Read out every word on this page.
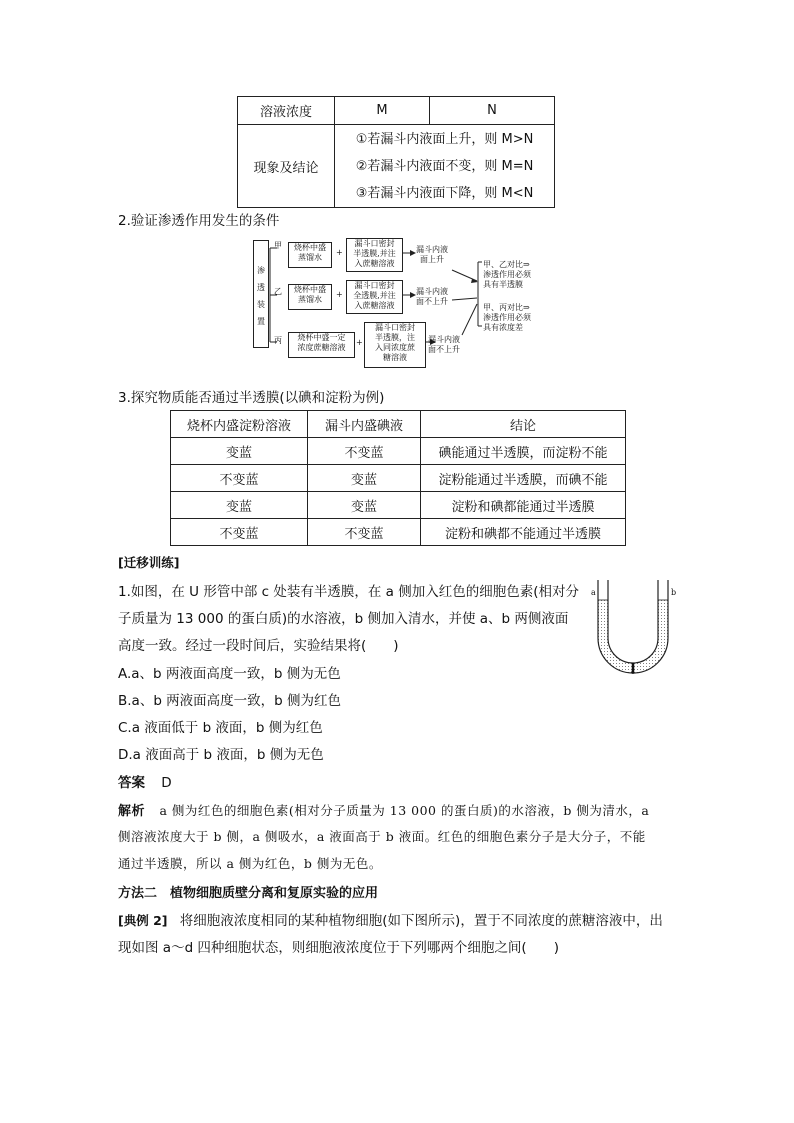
溶液浓度	M	N
现象及结论	①若漏斗内液面上升，则 M>N
②若漏斗内液面不变，则 M=N
③若漏斗内液面下降，则 M<N	
2.验证渗透作用发生的条件
渗
透
装
置
甲	烧杯中盛
蒸馏水
+
漏斗口密封
半透膜,并注
入蔗糖溶液
漏斗内液
面上升
乙	烧杯中盛
蒸馏水
+
漏斗口密封
全透膜,并注
入蔗糖溶液
漏斗内液
面不上升
丙	烧杯中盛一定
浓度蔗糖溶液
+
漏斗口密封
半透膜，注
入同浓度蔗
糖溶液
漏斗内液
面不上升
甲、乙对比⇒
渗透作用必须
具有半透膜
甲、丙对比⇒
渗透作用必须
具有浓度差
3.探究物质能否通过半透膜(以碘和淀粉为例)
烧杯内盛淀粉溶液	漏斗内盛碘液	结论
变蓝	不变蓝	碘能通过半透膜，而淀粉不能
不变蓝	变蓝	淀粉能通过半透膜，而碘不能
变蓝	变蓝	淀粉和碘都能通过半透膜
不变蓝	不变蓝	淀粉和碘都不能通过半透膜
[迁移训练]
1.如图，在 U 形管中部 c 处装有半透膜，在 a 侧加入红色的细胞色素(相对分
子质量为 13 000 的蛋白质)的水溶液，b 侧加入清水，并使 a、b 两侧液面
高度一致。经过一段时间后，实验结果将(　　)
A.a、b 两液面高度一致，b 侧为无色
B.a、b 两液面高度一致，b 侧为红色
C.a 液面低于 b 液面，b 侧为红色
D.a 液面高于 b 液面，b 侧为无色
a	b
c
答案 D
解析 a 侧为红色的细胞色素(相对分子质量为 13 000 的蛋白质)的水溶液，b 侧为清水，a
侧溶液浓度大于 b 侧，a 侧吸水，a 液面高于 b 液面。红色的细胞色素分子是大分子，不能
通过半透膜，所以 a 侧为红色，b 侧为无色。
方法二　植物细胞质壁分离和复原实验的应用
[典例 2] 将细胞液浓度相同的某种植物细胞(如下图所示)，置于不同浓度的蔗糖溶液中，出
现如图 a～d 四种细胞状态，则细胞液浓度位于下列哪两个细胞之间(　　)
